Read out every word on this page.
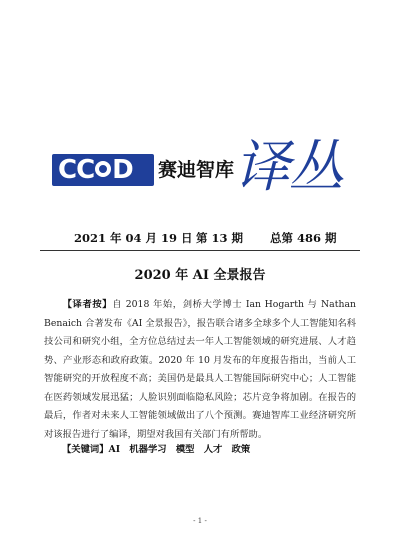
CC D	赛迪智库 译丛
2021 年 04 月 19 日 第 13 期 总第 486 期
2020 年 AI 全景报告
【译者按】自 2018 年始，剑桥大学博士 Ian Hogarth 与 Nathan Benaich 合著发布《AI 全景报告》，报告联合诸多全球多个人工智能知名科技公司和研究小组，全方位总结过去一年人工智能领域的研究进展、人才趋势、产业形态和政府政策。2020 年 10 月发布的年度报告指出，当前人工智能研究的开放程度不高；美国仍是最具人工智能国际研究中心；人工智能在医药领域发展迅猛；人脸识别面临隐私风险；芯片竞争将加剧。在报告的最后，作者对未来人工智能领域做出了八个预测。赛迪智库工业经济研究所对该报告进行了编译，期望对我国有关部门有所帮助。
【关键词】AI　机器学习　模型　人才　政策
- 1 -
